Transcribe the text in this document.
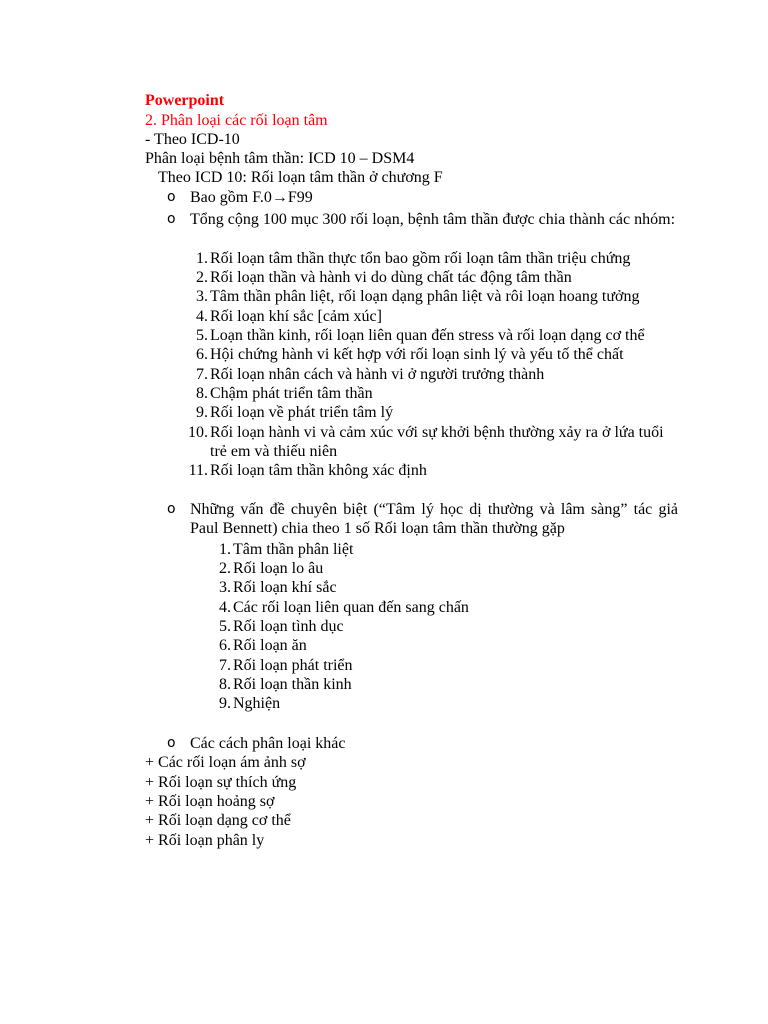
Powerpoint
2. Phân loại các rối loạn tâm
- Theo ICD-10
Phân loại bệnh tâm thần: ICD 10 – DSM4
Theo ICD 10: Rối loạn tâm thần ở chương F
o Bao gồm F.0→F99
o Tổng cộng 100 mục 300 rối loạn, bệnh tâm thần được chia thành các nhóm:
1. Rối loạn tâm thần thực tổn bao gồm rối loạn tâm thần triệu chứng
2. Rối loạn thần và hành vi do dùng chất tác động tâm thần
3. Tâm thần phân liệt, rối loạn dạng phân liệt và rôi loạn hoang tưởng
4. Rối loạn khí sắc [cảm xúc]
5. Loạn thần kinh, rối loạn liên quan đến stress và rối loạn dạng cơ thể
6. Hội chứng hành vi kết hợp với rối loạn sinh lý và yếu tố thể chất
7. Rối loạn nhân cách và hành vi ở người trưởng thành
8. Chậm phát triển tâm thần
9. Rối loạn về phát triển tâm lý
10. Rối loạn hành vi và cảm xúc với sự khởi bệnh thường xảy ra ở lứa tuổi trẻ em và thiếu niên
11. Rối loạn tâm thần không xác định
o Những vấn đề chuyên biệt (“Tâm lý học dị thường và lâm sàng” tác giả Paul Bennett) chia theo 1 số Rối loạn tâm thần thường gặp
1. Tâm thần phân liệt
2. Rối loạn lo âu
3. Rối loạn khí sắc
4. Các rối loạn liên quan đến sang chấn
5. Rối loạn tình dục
6. Rối loạn ăn
7. Rối loạn phát triển
8. Rối loạn thần kinh
9. Nghiện
o Các cách phân loại khác
+ Các rối loạn ám ảnh sợ
+ Rối loạn sự thích ứng
+ Rối loạn hoảng sợ
+ Rối loạn dạng cơ thể
+ Rối loạn phân ly
